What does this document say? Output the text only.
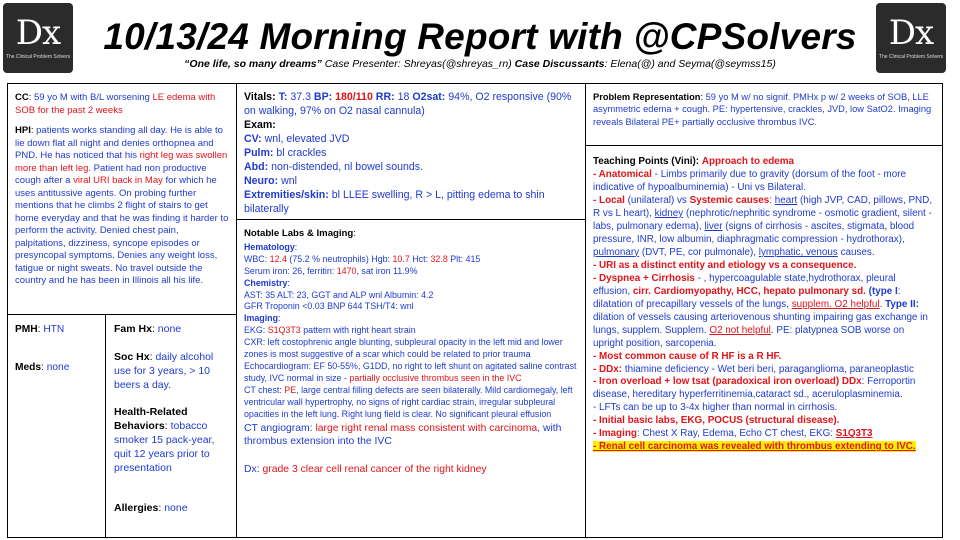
Dx
The Clinical Problem Solvers
Dx
The Clinical Problem Solvers
10/13/24 Morning Report with @CPSolvers
“One life, so many dreams” Case Presenter: Shreyas(@shreyas_rn) Case Discussants: Elena(@) and Seyma(@seymss15)

CC: 59 yo M with B/L worsening LE edema with SOB for the past 2 weeks

HPI: patients works standing all day. He is able to lie down flat all night and denies orthopnea and PND. He has noticed that his right leg was swollen more than left leg. Patient had non productive cough after a viral URI back in May for which he uses antitussive agents. On probing further mentions that he climbs 2 flight of stairs to get home everyday and that he was finding it harder to perform the activity. Denied chest pain, palpitations, dizziness, syncope episodes or presyncopal symptoms. Denies any weight loss, fatigue or night sweats. No travel outside the country and he has been in Illinois all his life.

PMH: HTN
Meds: none

Fam Hx: none

Soc Hx: daily alcohol use for 3 years, > 10 beers a day.

Health-Related Behaviors: tobacco smoker 15 pack-year, quit 12 years prior to presentation

Allergies: none

Vitals: T: 37.3 BP: 180/110 RR: 18 O2sat: 94%, O2 responsive (90% on walking, 97% on O2 nasal cannula)
Exam:
CV: wnl, elevated JVD
Pulm: bl crackles
Abd: non-distended, nl bowel sounds.
Neuro: wnl
Extremities/skin: bl LLEE swelling, R > L, pitting edema to shin bilaterally
Notable Labs & Imaging:
Hematology:
WBC: 12.4 (75.2 % neutrophils) Hgb: 10.7 Hct: 32.8 Plt: 415
Serum iron: 26, ferritin: 1470, sat iron 11.9%
Chemistry:
AST: 35 ALT: 23, GGT and ALP wnl Albumin: 4.2
GFR Troponin <0.03 BNP 644 TSH/T4: wnl
Imaging:
EKG: S1Q3T3 pattern with right heart strain
CXR: left costophrenic angle blunting, subpleural opacity in the left mid and lower zones is most suggestive of a scar which could be related to prior trauma
Echocardiogram: EF 50-55%, G1DD, no right to left shunt on agitated saline contrast study, IVC normal in size - partially occlusive thrombus seen in the IVC
CT chest: PE, large central filling defects are seen bilaterally. Mild cardiomegaly, left ventricular wall hypertrophy, no signs of right cardiac strain, irregular subpleural opacities in the left lung. Right lung field is clear. No significant pleural effusion
CT angiogram: large right renal mass consistent with carcinoma, with thrombus extension into the IVC
Dx: grade 3 clear cell renal cancer of the right kidney
Problem Representation: 59 yo M w/ no signif. PMHx p w/ 2 weeks of SOB, LLE asymmetric edema + cough. PE: hypertensive, crackles, JVD, low SatO2. Imaging reveals Bilateral PE+ partially occlusive thrombus IVC.
Teaching Points (Vini): Approach to edema
- Anatomical - Limbs primarily due to gravity (dorsum of the foot - more indicative of hypoalbuminemia) - Uni vs Bilateral.
- Local (unilateral) vs Systemic causes: heart (high JVP, CAD, pillows, PND, R vs L heart), kidney (nephrotic/nephritic syndrome - osmotic gradient, silent - labs, pulmonary edema), liver (signs of cirrhosis - ascites, stigmata, blood pressure, INR, low albumin, diaphragmatic compression - hydrothorax), pulmonary (DVT, PE, cor pulmonale), lymphatic, venous causes.
- URI as a distinct entity and etiology vs a consequence.
- Dyspnea + Cirrhosis - , hypercoagulable state,hydrothorax, pleural effusion, cirr. Cardiomyopathy, HCC, hepato pulmonary sd. (type I: dilatation of precapillary vessels of the lungs, supplem. O2 helpful. Type II: dilation of vessels causing arteriovenous shunting impairing gas exchange in lungs, supplem. Supplem. O2 not helpful. PE: platypnea SOB worse on upright position, sarcopenia.
- Most common cause of R HF is a R HF.
- DDx: thiamine deficiency - Wet beri beri, paraganglioma, paraneoplastic
- Iron overload + low tsat (paradoxical iron overload) DDx: Ferroportin disease, hereditary hyperferritinemia,cataract sd., aceruloplasminemia.
- LFTs can be up to 3-4x higher than normal in cirrhosis.
- Initial basic labs, EKG, POCUS (structural disease).
- Imaging: Chest X Ray, Edema, Echo CT chest, EKG: S1Q3T3
- Renal cell carcinoma was revealed with thrombus extending to IVC.
